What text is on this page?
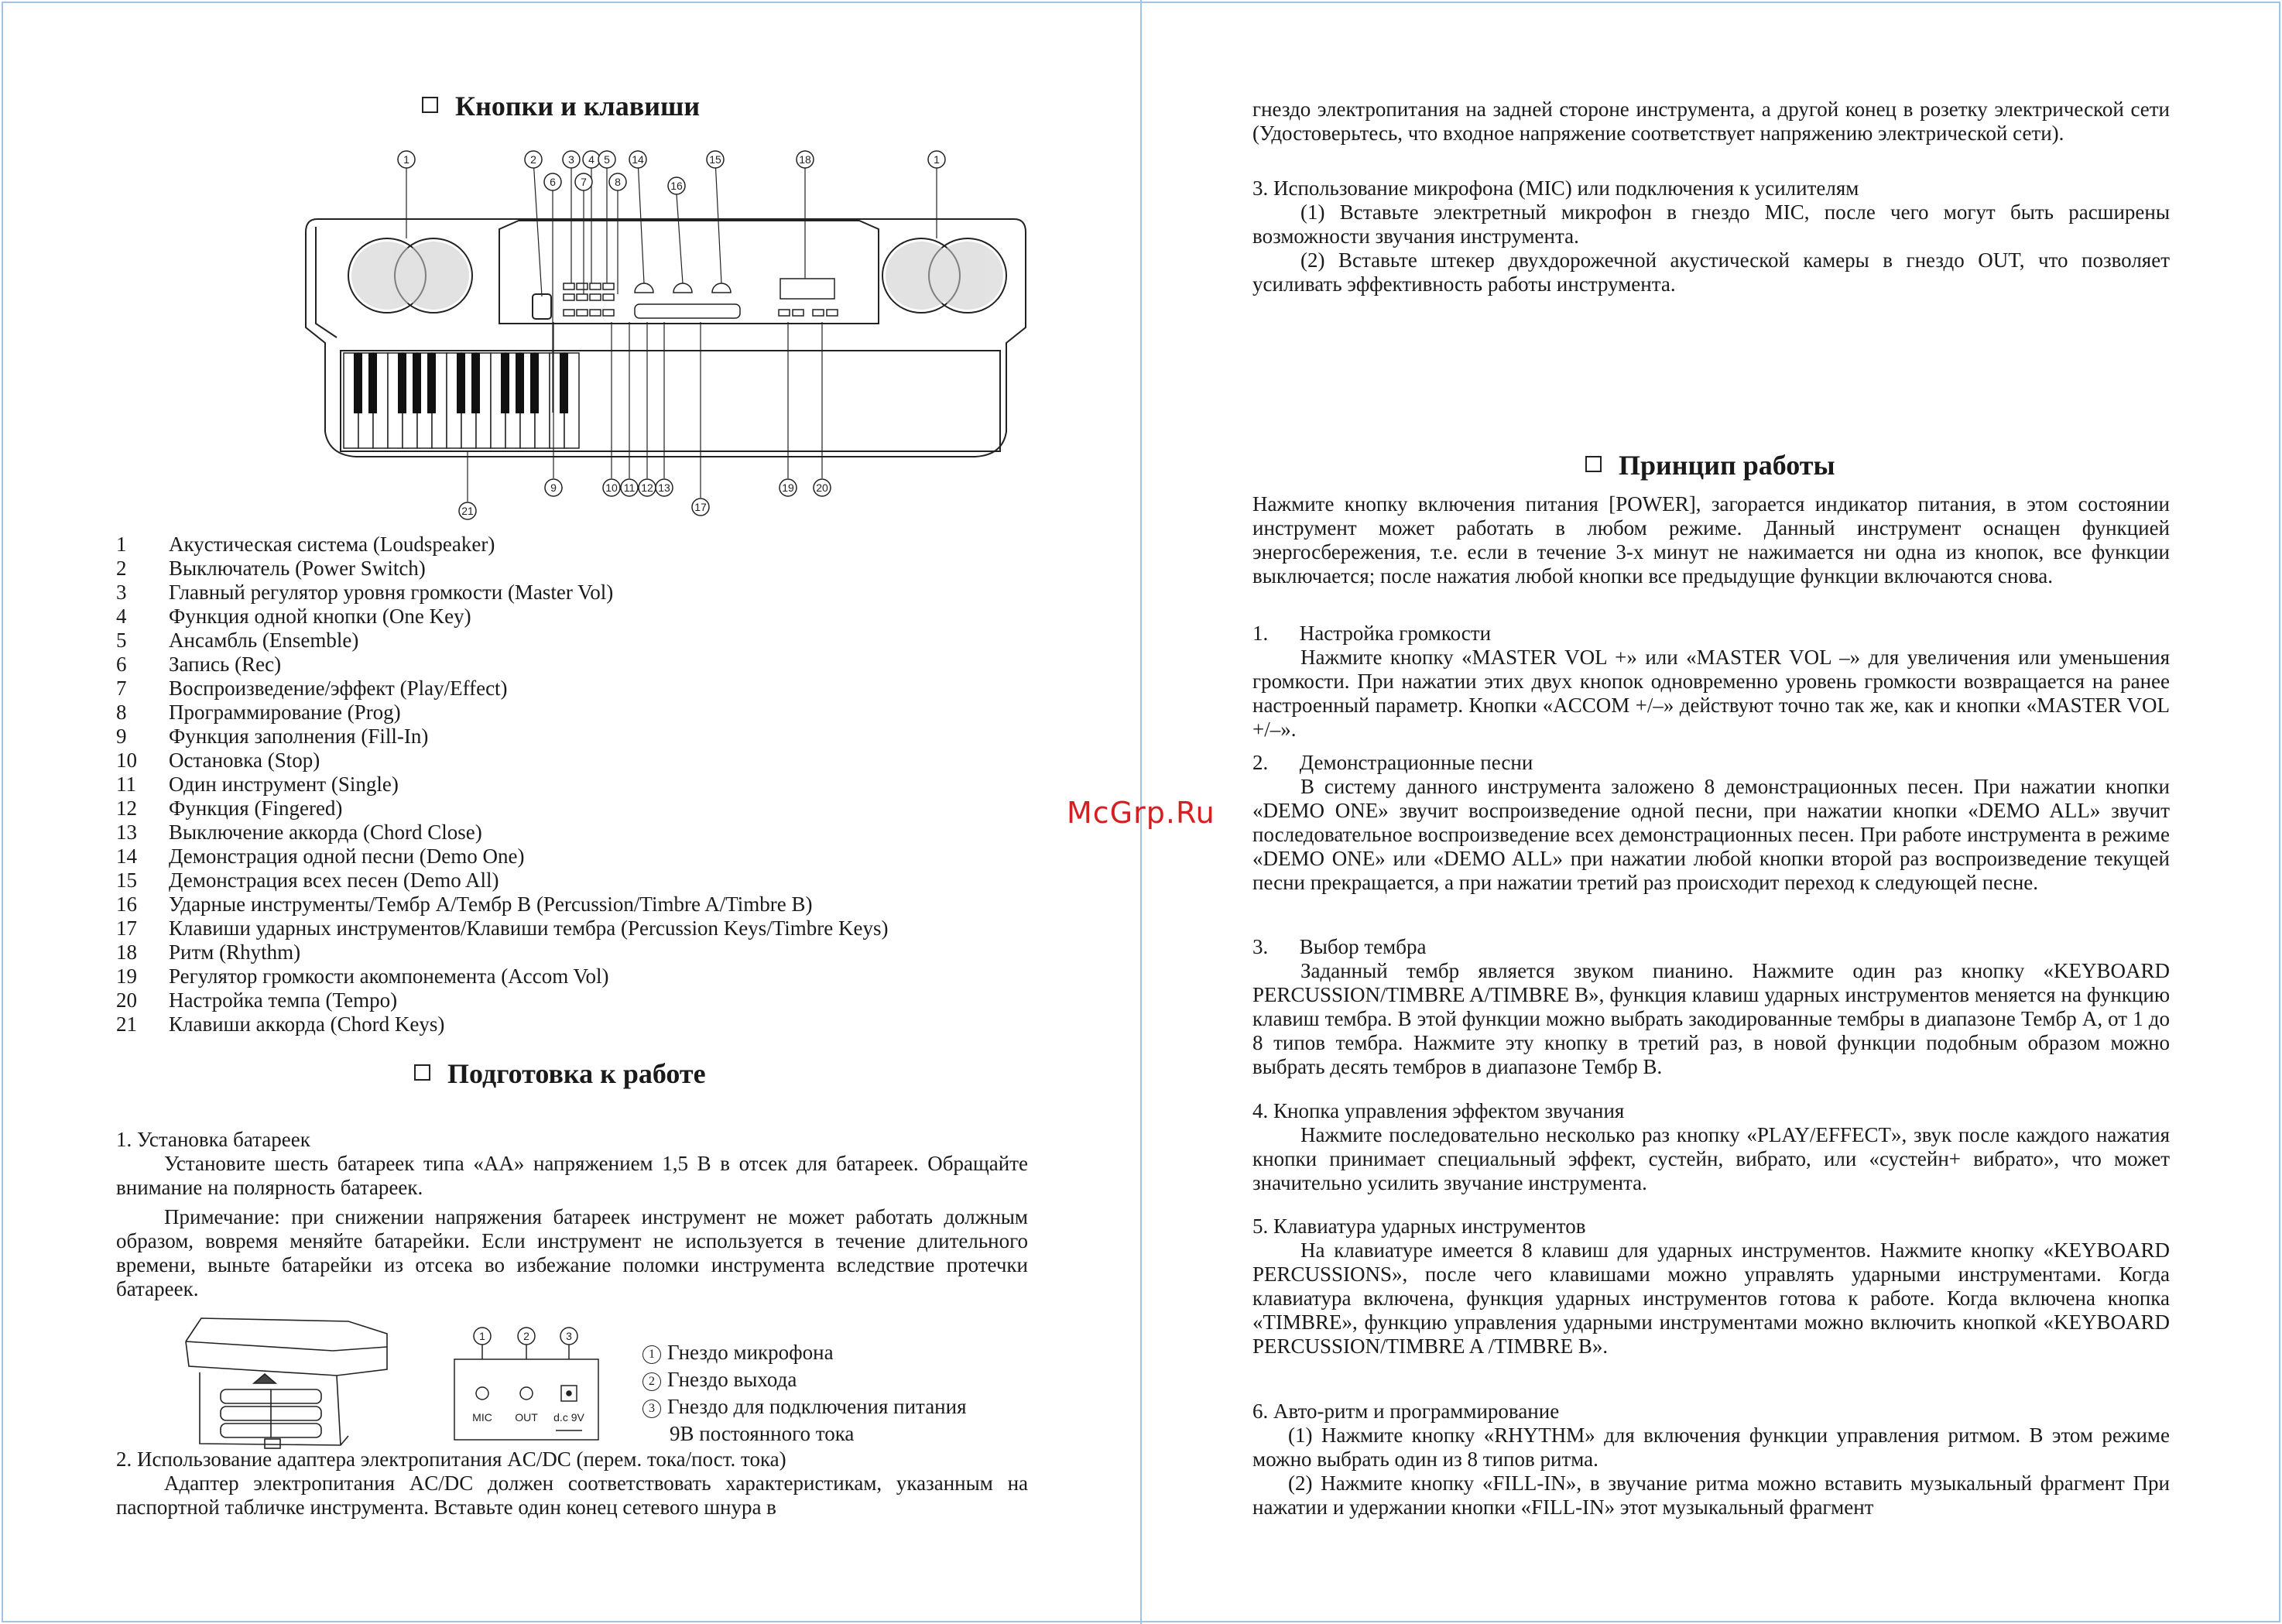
Кнопки и клавиши
1	2	3 4 5 14	15	18	1
6 7	8	16
9	10 11 12 13
17
19 20
21
1 Акустическая система (Loudspeaker)
2 Выключатель (Power Switch)
3 Главный регулятор уровня громкости (Master Vol)
4 Функция одной кнопки (One Key)
5 Ансамбль (Ensemble)
6 Запись (Rec)
7 Воспроизведение/эффект (Play/Effect)
8 Программирование (Prog)
9 Функция заполнения (Fill-In)
10 Остановка (Stop)
11 Один инструмент (Single)
12 Функция (Fingered)
13 Выключение аккорда (Chord Close)
14 Демонстрация одной песни (Demo One)
15 Демонстрация всех песен (Demo All)
16 Ударные инструменты/Тембр A/Тембр B (Percussion/Timbre A/Timbre B)
17 Клавиши ударных инструментов/Клавиши тембра (Percussion Keys/Timbre Keys)
18 Ритм (Rhythm)
19 Регулятор громкости акомпонемента (Accom Vol)
20 Настройка темпа (Tempo)
21 Клавиши аккорда (Chord Keys)
Подготовка к работе
1. Установка батареек
Установите шесть батареек типа «АА» напряжением 1,5 В в отсек для батареек. Обращайте внимание на полярность батареек.
Примечание: при снижении напряжения батареек инструмент не может работать должным образом, вовремя меняйте батарейки. Если инструмент не используется в течение длительного времени, выньте батарейки из отсека во избежание поломки инструмента вследствие протечки батареек.
1	2	3
MIC OUT d.c 9V
1 Гнездо микрофона
2 Гнездо выхода
3 Гнездо для подключения питания
9В постоянного тока
2. Использование адаптера электропитания AC/DC (перем. тока/пост. тока)
Адаптер электропитания AC/DC должен соответствовать характеристикам, указанным на паспортной табличке инструмента. Вставьте один конец сетевого шнура в
McGrp.Ru
гнездо электропитания на задней стороне инструмента, а другой конец в розетку электрической сети (Удостоверьтесь, что входное напряжение соответствует напряжению электрической сети).
3. Использование микрофона (MIC) или подключения к усилителям
(1) Вставьте электретный микрофон в гнездо MIC, после чего могут быть расширены возможности звучания инструмента.
(2) Вставьте штекер двухдорожечной акустической камеры в гнездо OUT, что позволяет усиливать эффективность работы инструмента.
Принцип работы
Нажмите кнопку включения питания [POWER], загорается индикатор питания, в этом состоянии инструмент может работать в любом режиме. Данный инструмент оснащен функцией энергосбережения, т.е. если в течение 3-х минут не нажимается ни одна из кнопок, все функции выключается; после нажатия любой кнопки все предыдущие функции включаются снова.
1.      Настройка громкости
Нажмите кнопку «MASTER VOL +» или «MASTER VOL –» для увеличения или уменьшения громкости. При нажатии этих двух кнопок одновременно уровень громкости возвращается на ранее настроенный параметр. Кнопки «ACCOM +/–» действуют точно так же, как и кнопки «MASTER VOL +/–».
2.      Демонстрационные песни
В систему данного инструмента заложено 8 демонстрационных песен. При нажатии кнопки «DEMO ONE» звучит воспроизведение одной песни, при нажатии кнопки «DEMO ALL» звучит последовательное воспроизведение всех демонстрационных песен. При работе инструмента в режиме «DEMO ONE» или «DEMO ALL» при нажатии любой кнопки второй раз воспроизведение текущей песни прекращается, а при нажатии третий раз происходит переход к следующей песне.
3.      Выбор тембра
Заданный тембр является звуком пианино. Нажмите один раз кнопку «KEYBOARD PERCUSSION/TIMBRE A/TIMBRE B», функция клавиш ударных инструментов меняется на функцию клавиш тембра. В этой функции можно выбрать закодированные тембры в диапазоне Тембр A, от 1 до 8 типов тембра. Нажмите эту кнопку в третий раз, в новой функции подобным образом можно выбрать десять тембров в диапазоне Тембр B.
4. Кнопка управления эффектом звучания
Нажмите последовательно несколько раз кнопку «PLAY/EFFECT», звук после каждого нажатия кнопки принимает специальный эффект, сустейн, вибрато, или «сустейн+ вибрато», что может значительно усилить звучание инструмента.
5. Клавиатура ударных инструментов
На клавиатуре имеется 8 клавиш для ударных инструментов. Нажмите кнопку «KEYBOARD PERCUSSIONS», после чего клавишами можно управлять ударными инструментами. Когда клавиатура включена, функция ударных инструментов готова к работе. Когда включена кнопка «TIMBRE», функцию управления ударными инструментами можно включить кнопкой «KEYBOARD PERCUSSION/TIMBRE A /TIMBRE B».
6. Авто-ритм и программирование
(1) Нажмите кнопку «RHYTHM» для включения функции управления ритмом. В этом режиме можно выбрать один из 8 типов ритма.
(2) Нажмите кнопку «FILL-IN», в звучание ритма можно вставить музыкальный фрагмент При нажатии и удержании кнопки «FILL-IN» этот музыкальный фрагмент
